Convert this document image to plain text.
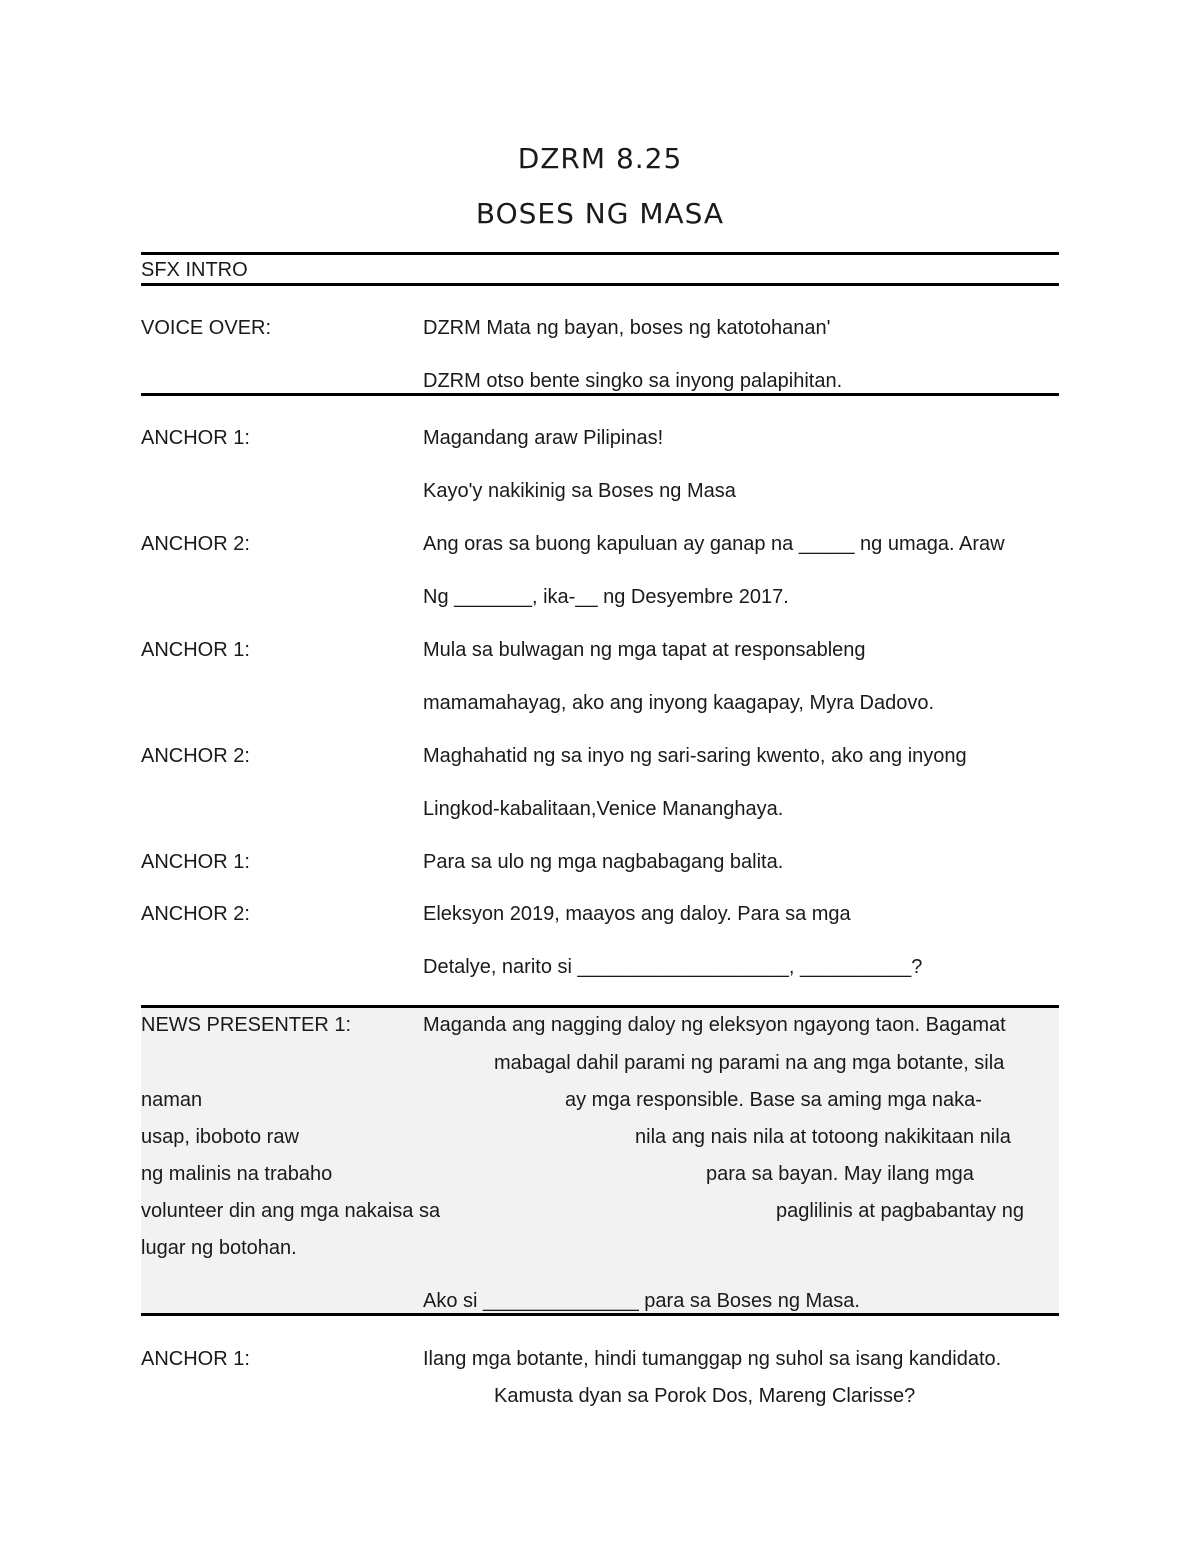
DZRM 8.25
BOSES NG MASA
SFX INTRO
VOICE OVER:	DZRM Mata ng bayan, boses ng katotohanan'
DZRM otso bente singko sa inyong palapihitan.
ANCHOR 1:	Magandang araw Pilipinas!
Kayo'y nakikinig sa Boses ng Masa
ANCHOR 2:	Ang oras sa buong kapuluan ay ganap na _____ ng umaga. Araw
Ng _______, ika-__ ng Desyembre 2017.
ANCHOR 1:	Mula sa bulwagan ng mga tapat at responsableng
mamamahayag, ako ang inyong kaagapay, Myra Dadovo.
ANCHOR 2:	Maghahatid ng sa inyo ng sari-saring kwento, ako ang inyong
Lingkod-kabalitaan,Venice Mananghaya.
ANCHOR 1:	Para sa ulo ng mga nagbabagang balita.
ANCHOR 2:	Eleksyon 2019, maayos ang daloy. Para sa mga
Detalye, narito si ___________________, __________?
NEWS PRESENTER 1:	Maganda ang nagging daloy ng eleksyon ngayong taon. Bagamat
mabagal dahil parami ng parami na ang mga botante, sila
naman	ay mga responsible. Base sa aming mga naka-
usap, iboboto raw	nila ang nais nila at totoong nakikitaan nila
ng malinis na trabaho	para sa bayan. May ilang mga
volunteer din ang mga nakaisa sa	paglilinis at pagbabantay ng
lugar ng botohan.
Ako si ______________ para sa Boses ng Masa.
ANCHOR 1:	Ilang mga botante, hindi tumanggap ng suhol sa isang kandidato.
Kamusta dyan sa Porok Dos, Mareng Clarisse?
